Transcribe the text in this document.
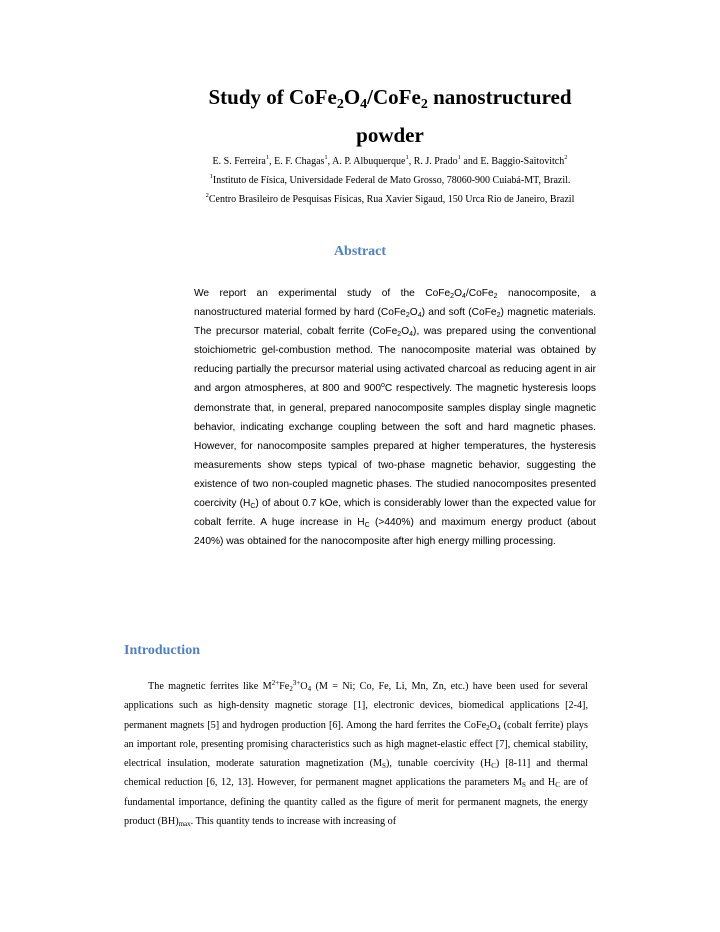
Study of $CoFe_2O_4/CoFe_2$ nanostructured
powder
E. S. Ferreira$^1$, E. F. Chagas$^1$, A. P. Albuquerque$^1$, R. J. Prado$^1$ and E. Baggio-Saitovitch$^2$
$^1$Instituto de Física, Universidade Federal de Mato Grosso, 78060-900 Cuiabá-MT, Brazil.
$^2$Centro Brasileiro de Pesquisas Físicas, Rua Xavier Sigaud, 150 Urca Rio de Janeiro, Brazil
Abstract

We report an experimental study of the $CoFe_2O_4/CoFe_2$ nanocomposite, a nanostructured material formed by hard $(CoFe_2O_4)$ and soft (CoFe$_2$) magnetic materials. The precursor material, cobalt ferrite $(CoFe_2O_4)$, was prepared using the conventional stoichiometric gel-combustion method. The nanocomposite material was obtained by reducing partially the precursor material using activated charcoal as reducing agent in air and argon atmospheres, at 800 and 900$^o$C respectively. The magnetic hysteresis loops demonstrate that, in general, prepared nanocomposite samples display single magnetic behavior, indicating exchange coupling between the soft and hard magnetic phases. However, for nanocomposite samples prepared at higher temperatures, the hysteresis measurements show steps typical of two-phase magnetic behavior, suggesting the existence of two non-coupled magnetic phases. The studied nanocomposites presented coercivity $(H_C)$ of about 0.7 kOe, which is considerably lower than the expected value for cobalt ferrite. A huge increase in $H_C$ (>440%) and maximum energy product (about 240%) was obtained for the nanocomposite after high energy milling processing.

Introduction

The magnetic ferrites like $M^{2+}Fe_2^{3+}O_4$ (M = Ni; Co, Fe, Li, Mn, Zn, etc.) have been used for several applications such as high-density magnetic storage [1], electronic devices, biomedical applications [2-4], permanent magnets [5] and hydrogen production [6]. Among the hard ferrites the $CoFe_2O_4$ (cobalt ferrite) plays an important role, presenting promising characteristics such as high magnet-elastic effect [7], chemical stability, electrical insulation, moderate saturation magnetization $(M_S)$, tunable coercivity $(H_C)$ [8-11] and thermal chemical reduction [6, 12, 13]. However, for permanent magnet applications the parameters $M_S$ and $H_C$ are of fundamental importance, defining the quantity called as the figure of merit for permanent magnets, the energy product $(BH)_{max}$. This quantity tends to increase with increasing of
